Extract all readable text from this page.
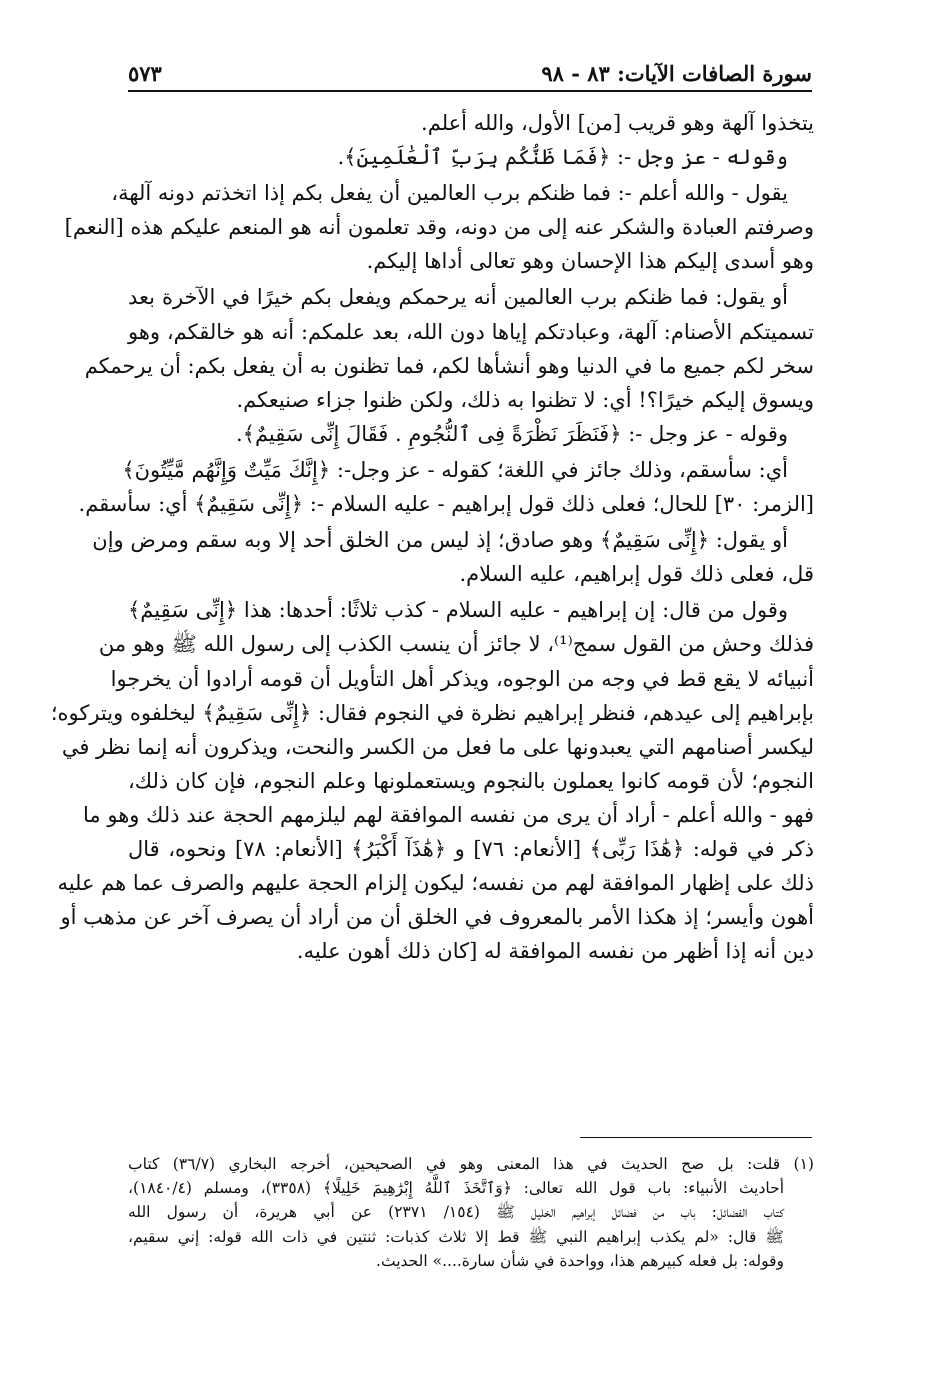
سورة الصافات الآيات: ٨٣ - ٩٨
٥٧٣
يتخذوا آلهة وهو قريب [من] الأول، والله أعلم.
وقوله - عز وجل -: ﴿فَمَا ظَنُّكُم بِرَبِّ ٱلْعَٰلَمِينَ﴾.
يقول - والله أعلم -: فما ظنكم برب العالمين أن يفعل بكم إذا اتخذتم دونه آلهة،
وصرفتم العبادة والشكر عنه إلى من دونه، وقد تعلمون أنه هو المنعم عليكم هذه [النعم]
وهو أسدى إليكم هذا الإحسان وهو تعالى أداها إليكم.
أو يقول: فما ظنكم برب العالمين أنه يرحمكم ويفعل بكم خيرًا في الآخرة بعد
تسميتكم الأصنام: آلهة، وعبادتكم إياها دون الله، بعد علمكم: أنه هو خالقكم، وهو
سخر لكم جميع ما في الدنيا وهو أنشأها لكم، فما تظنون به أن يفعل بكم: أن يرحمكم
ويسوق إليكم خيرًا؟! أي: لا تظنوا به ذلك، ولكن ظنوا جزاء صنيعكم.
وقوله - عز وجل -: ﴿فَنَظَرَ نَظْرَةً فِى ٱلنُّجُومِ . فَقَالَ إِنِّى سَقِيمٌ﴾.
أي: سأسقم، وذلك جائز في اللغة؛ كقوله - عز وجل-: ﴿إِنَّكَ مَيِّتٌ وَإِنَّهُم مَّيِّتُونَ﴾
[الزمر: ٣٠] للحال؛ فعلى ذلك قول إبراهيم - عليه السلام -: ﴿إِنِّى سَقِيمٌ﴾ أي: سأسقم.
أو يقول: ﴿إِنِّى سَقِيمٌ﴾ وهو صادق؛ إذ ليس من الخلق أحد إلا وبه سقم ومرض وإن
قل، فعلى ذلك قول إبراهيم، عليه السلام.
وقول من قال: إن إبراهيم - عليه السلام - كذب ثلاثًا: أحدها: هذا ﴿إِنِّى سَقِيمٌ﴾
فذلك وحش من القول سمج⁽¹⁾، لا جائز أن ينسب الكذب إلى رسول الله ﷺ وهو من
أنبيائه لا يقع قط في وجه من الوجوه، ويذكر أهل التأويل أن قومه أرادوا أن يخرجوا
بإبراهيم إلى عيدهم، فنظر إبراهيم نظرة في النجوم فقال: ﴿إِنِّى سَقِيمٌ﴾ ليخلفوه ويتركوه؛
ليكسر أصنامهم التي يعبدونها على ما فعل من الكسر والنحت، ويذكرون أنه إنما نظر في
النجوم؛ لأن قومه كانوا يعملون بالنجوم ويستعملونها وعلم النجوم، فإن كان ذلك،
فهو - والله أعلم - أراد أن يرى من نفسه الموافقة لهم ليلزمهم الحجة عند ذلك وهو ما
ذكر في قوله: ﴿هَٰذَا رَبِّى﴾ [الأنعام: ٧٦] و ﴿هَٰذَآ أَكْبَرُ﴾ [الأنعام: ٧٨] ونحوه، قال
ذلك على إظهار الموافقة لهم من نفسه؛ ليكون إلزام الحجة عليهم والصرف عما هم عليه
أهون وأيسر؛ إذ هكذا الأمر بالمعروف في الخلق أن من أراد أن يصرف آخر عن مذهب أو
دين أنه إذا أظهر من نفسه الموافقة له [كان ذلك أهون عليه.
(١) قلت: بل صح الحديث في هذا المعنى وهو في الصحيحين، أخرجه البخاري (٣٦/٧) كتاب
أحاديث الأنبياء: باب قول الله تعالى: ﴿وَٱتَّخَذَ ٱللَّهُ إِبْرَٰهِيمَ خَلِيلًا﴾ (٣٣٥٨)، ومسلم (١٨٤٠/٤)،
كتاب الفضائل: باب من فضائل إبراهيم الخليل ﷺ (١٥٤/ ٢٣٧١) عن أبي هريرة، أن رسول الله
ﷺ قال: «لم يكذب إبراهيم النبي ﷺ قط إلا ثلاث كذبات: ثنتين في ذات الله قوله: إني سقيم،
وقوله: بل فعله كبيرهم هذا، وواحدة في شأن سارة....» الحديث.
